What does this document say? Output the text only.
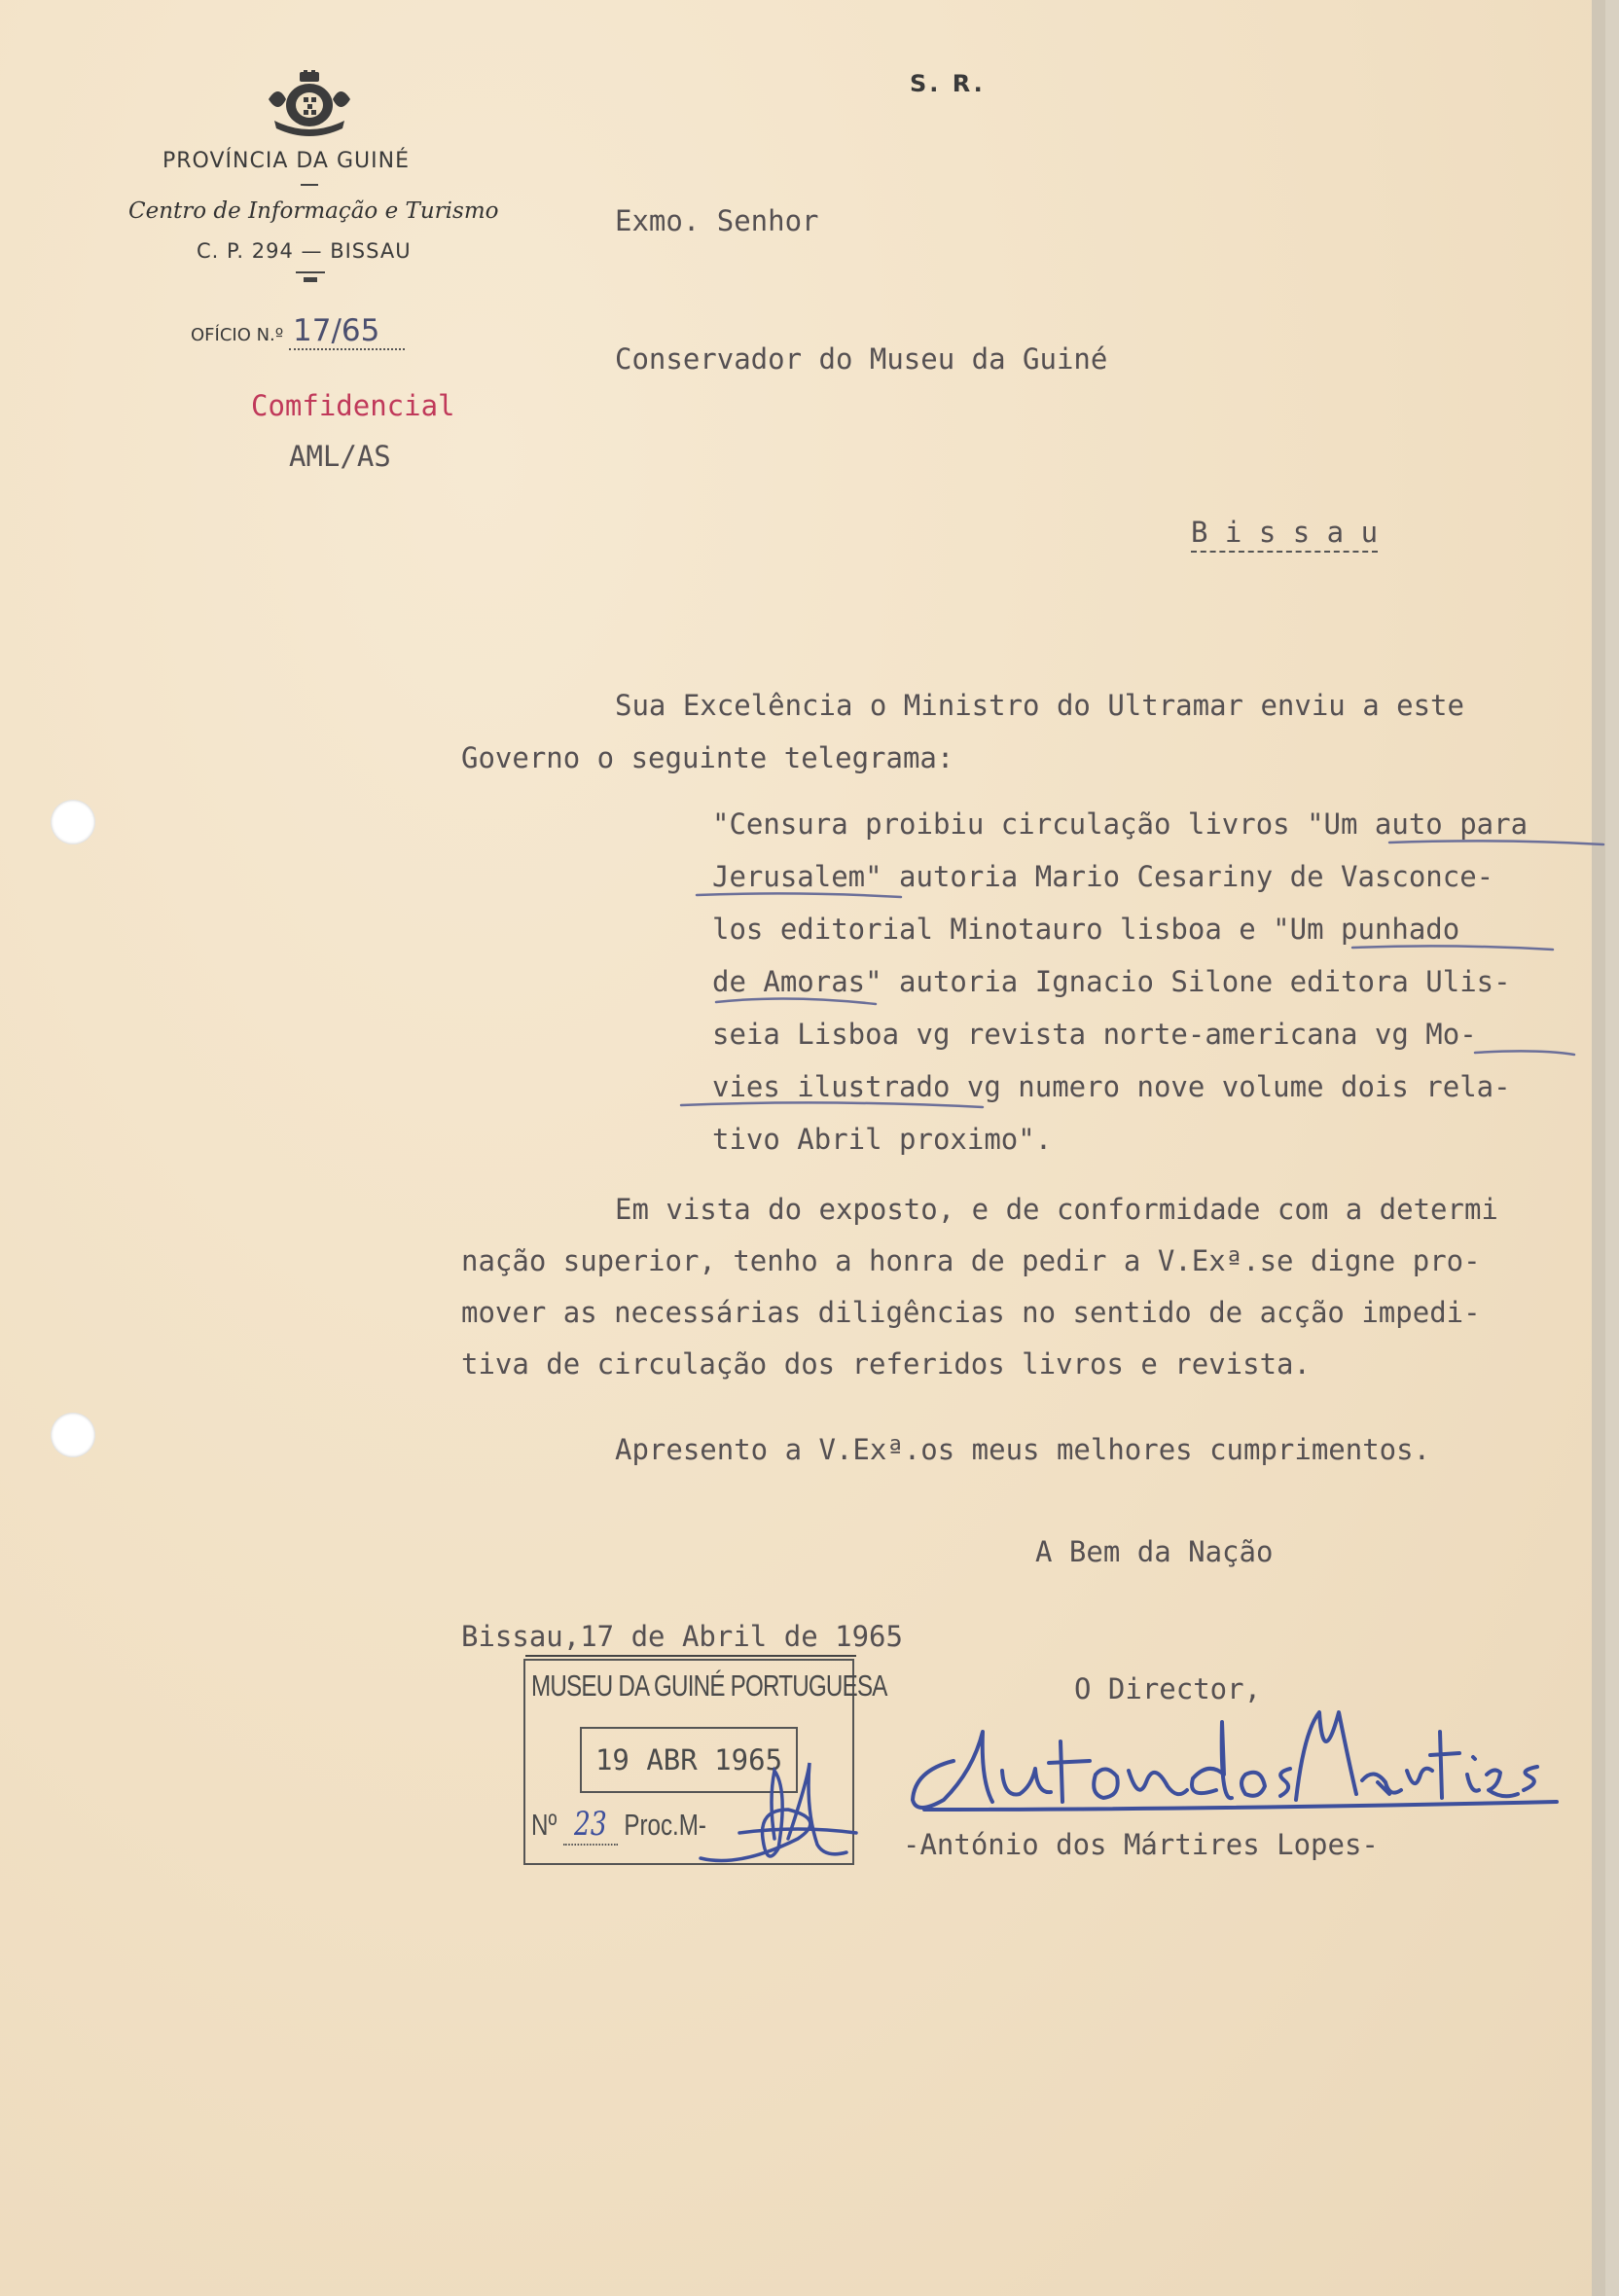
PROVÍNCIA DA GUINÉ
Centro de Informação e Turismo
C. P. 294 — BISSAU
OFÍCIO N.º 17/65
Comfidencial
AML/AS
S. R.
Exmo. Senhor
Conservador do Museu da Guiné
B i s s a u
Sua Excelência o Ministro do Ultramar enviu a este
Governo o seguinte telegrama:
"Censura proibiu circulação livros "Um auto para
Jerusalem" autoria Mario Cesariny de Vasconce-
los editorial Minotauro lisboa e "Um punhado
de Amoras" autoria Ignacio Silone editora Ulis-
seia Lisboa vg revista norte-americana vg Mo-
vies ilustrado vg numero nove volume dois rela-
tivo Abril proximo".
Em vista do exposto, e de conformidade com a determi
nação superior, tenho a honra de pedir a V.Exª.se digne pro-
mover as necessárias diligências no sentido de acção impedi-
tiva de circulação dos referidos livros e revista.
Apresento a V.Exª.os meus melhores cumprimentos.
A Bem da Nação
Bissau,17 de Abril de 1965
O Director,
-António dos Mártires Lopes-
MUSEU DA GUINÉ PORTUGUESA
19 ABR 1965
Nº 23 Proc.M-
